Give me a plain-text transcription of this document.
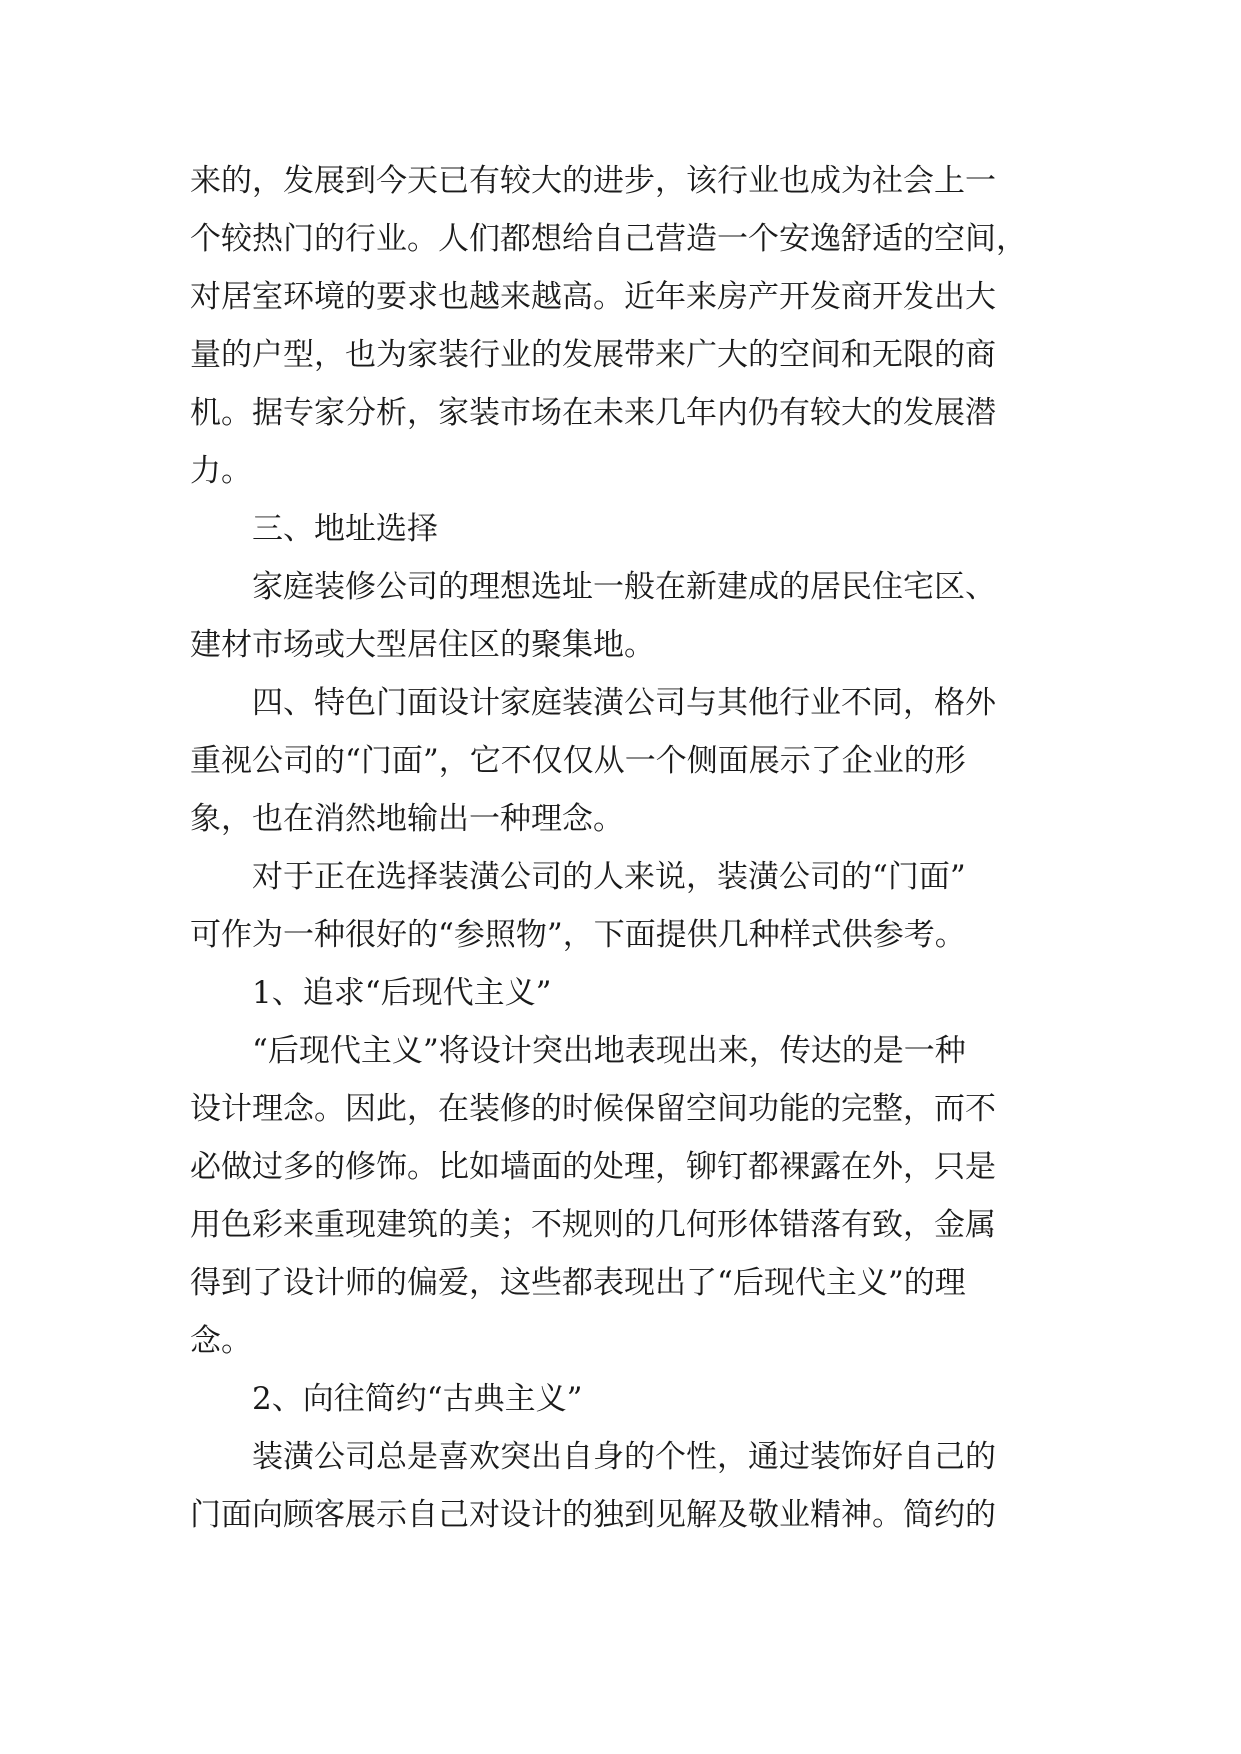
来的，发展到今天已有较大的进步，该行业也成为社会上一
个较热门的行业。人们都想给自己营造一个安逸舒适的空间，
对居室环境的要求也越来越高。近年来房产开发商开发出大
量的户型，也为家装行业的发展带来广大的空间和无限的商
机。据专家分析，家装市场在未来几年内仍有较大的发展潜
力。
三、地址选择
家庭装修公司的理想选址一般在新建成的居民住宅区、
建材市场或大型居住区的聚集地。
四、特色门面设计家庭装潢公司与其他行业不同，格外
重视公司的“门面”，它不仅仅从一个侧面展示了企业的形
象，也在消然地输出一种理念。
对于正在选择装潢公司的人来说，装潢公司的“门面”
可作为一种很好的“参照物”，下面提供几种样式供参考。
1、追求“后现代主义”
“后现代主义”将设计突出地表现出来，传达的是一种
设计理念。因此，在装修的时候保留空间功能的完整，而不
必做过多的修饰。比如墙面的处理，铆钉都裸露在外，只是
用色彩来重现建筑的美；不规则的几何形体错落有致，金属
得到了设计师的偏爱，这些都表现出了“后现代主义”的理
念。
2、向往简约“古典主义”
装潢公司总是喜欢突出自身的个性，通过装饰好自己的
门面向顾客展示自己对设计的独到见解及敬业精神。简约的
